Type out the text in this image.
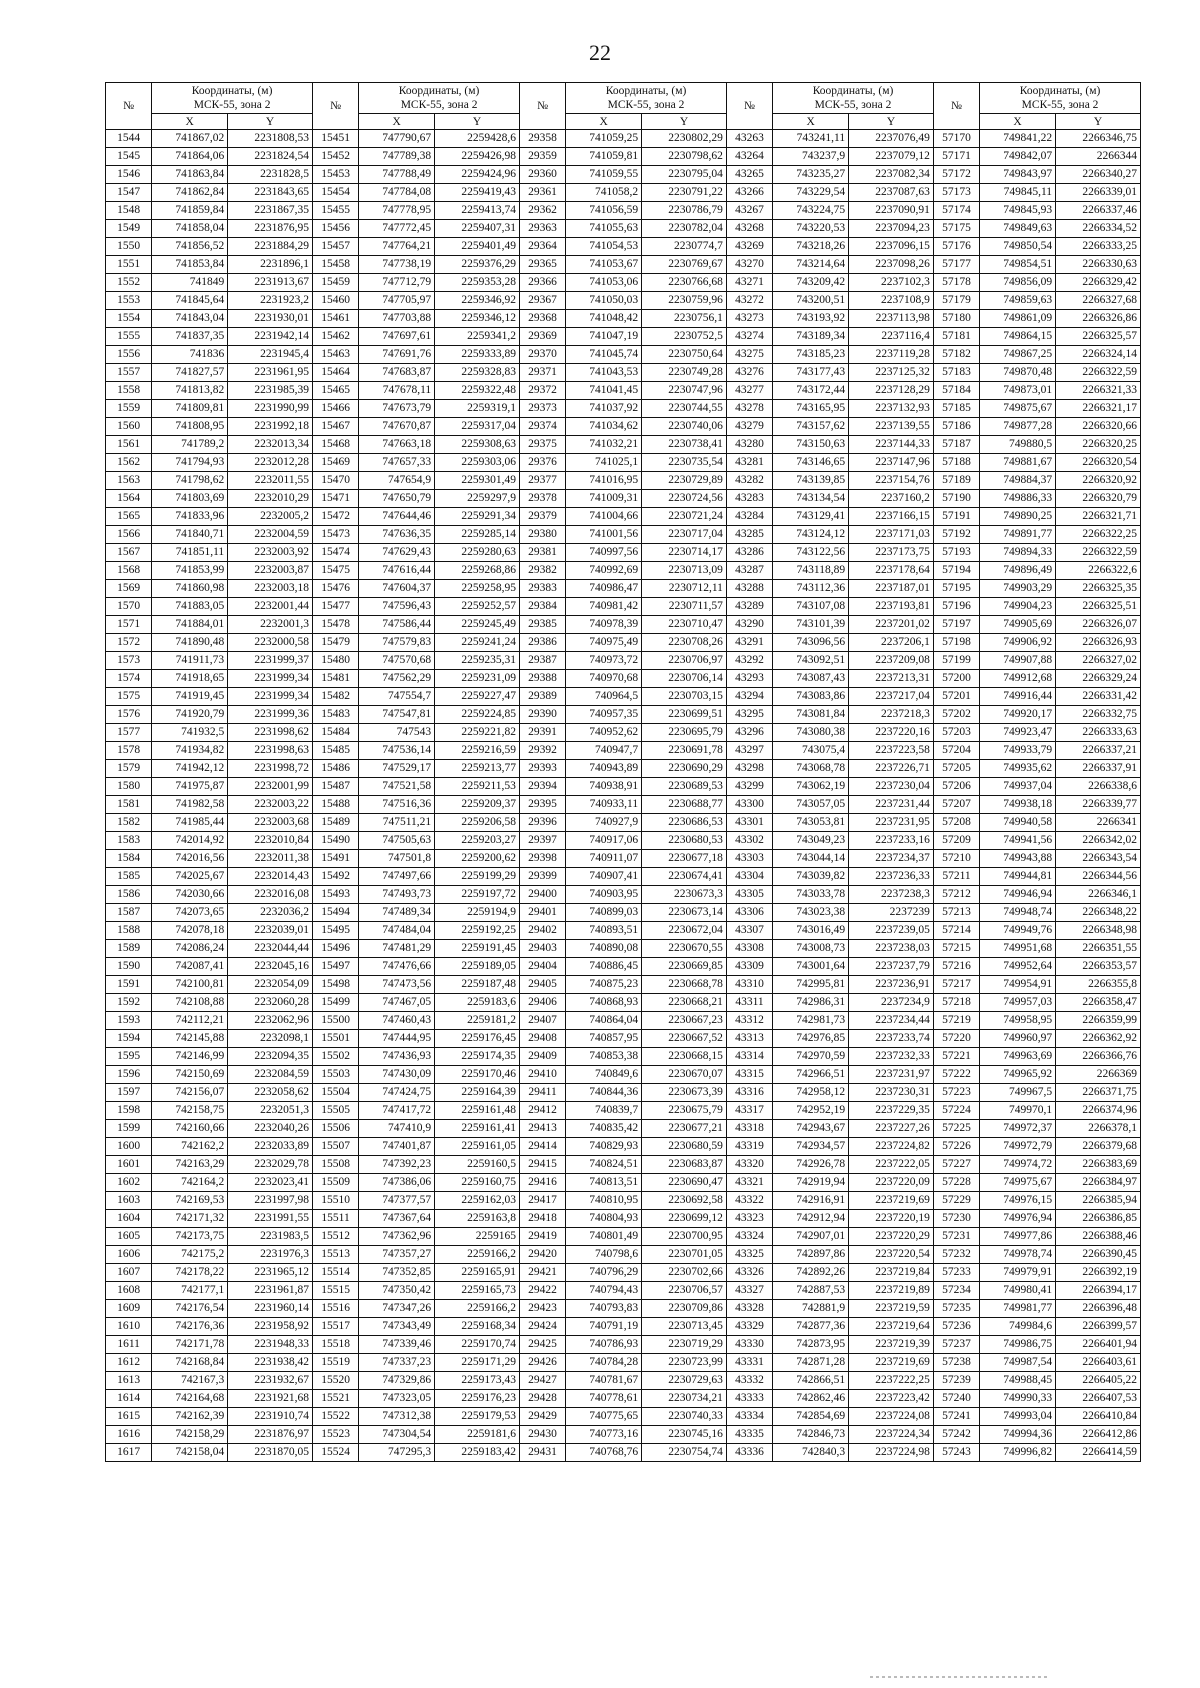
22
№	Координаты, (м)
МСК-55, зона 2		№	Координаты, (м)
МСК-55, зона 2		№	Координаты, (м)
МСК-55, зона 2		№	Координаты, (м)
МСК-55, зона 2		№	Координаты, (м)
МСК-55, зона 2	

	X	Y		X	Y		X	Y		X	Y		X	Y
1544	741867,02	2231808,53	15451	747790,67	2259428,6	29358	741059,25	2230802,29	43263	743241,11	2237076,49	57170	749841,22	2266346,75
1545	741864,06	2231824,54	15452	747789,38	2259426,98	29359	741059,81	2230798,62	43264	743237,9	2237079,12	57171	749842,07	2266344
1546	741863,84	2231828,5	15453	747788,49	2259424,96	29360	741059,55	2230795,04	43265	743235,27	2237082,34	57172	749843,97	2266340,27
1547	741862,84	2231843,65	15454	747784,08	2259419,43	29361	741058,2	2230791,22	43266	743229,54	2237087,63	57173	749845,11	2266339,01
1548	741859,84	2231867,35	15455	747778,95	2259413,74	29362	741056,59	2230786,79	43267	743224,75	2237090,91	57174	749845,93	2266337,46
1549	741858,04	2231876,95	15456	747772,45	2259407,31	29363	741055,63	2230782,04	43268	743220,53	2237094,23	57175	749849,63	2266334,52
1550	741856,52	2231884,29	15457	747764,21	2259401,49	29364	741054,53	2230774,7	43269	743218,26	2237096,15	57176	749850,54	2266333,25
1551	741853,84	2231896,1	15458	747738,19	2259376,29	29365	741053,67	2230769,67	43270	743214,64	2237098,26	57177	749854,51	2266330,63
1552	741849	2231913,67	15459	747712,79	2259353,28	29366	741053,06	2230766,68	43271	743209,42	2237102,3	57178	749856,09	2266329,42
1553	741845,64	2231923,2	15460	747705,97	2259346,92	29367	741050,03	2230759,96	43272	743200,51	2237108,9	57179	749859,63	2266327,68
1554	741843,04	2231930,01	15461	747703,88	2259346,12	29368	741048,42	2230756,1	43273	743193,92	2237113,98	57180	749861,09	2266326,86
1555	741837,35	2231942,14	15462	747697,61	2259341,2	29369	741047,19	2230752,5	43274	743189,34	2237116,4	57181	749864,15	2266325,57
1556	741836	2231945,4	15463	747691,76	2259333,89	29370	741045,74	2230750,64	43275	743185,23	2237119,28	57182	749867,25	2266324,14
1557	741827,57	2231961,95	15464	747683,87	2259328,83	29371	741043,53	2230749,28	43276	743177,43	2237125,32	57183	749870,48	2266322,59
1558	741813,82	2231985,39	15465	747678,11	2259322,48	29372	741041,45	2230747,96	43277	743172,44	2237128,29	57184	749873,01	2266321,33
1559	741809,81	2231990,99	15466	747673,79	2259319,1	29373	741037,92	2230744,55	43278	743165,95	2237132,93	57185	749875,67	2266321,17
1560	741808,95	2231992,18	15467	747670,87	2259317,04	29374	741034,62	2230740,06	43279	743157,62	2237139,55	57186	749877,28	2266320,66
1561	741789,2	2232013,34	15468	747663,18	2259308,63	29375	741032,21	2230738,41	43280	743150,63	2237144,33	57187	749880,5	2266320,25
1562	741794,93	2232012,28	15469	747657,33	2259303,06	29376	741025,1	2230735,54	43281	743146,65	2237147,96	57188	749881,67	2266320,54
1563	741798,62	2232011,55	15470	747654,9	2259301,49	29377	741016,95	2230729,89	43282	743139,85	2237154,76	57189	749884,37	2266320,92
1564	741803,69	2232010,29	15471	747650,79	2259297,9	29378	741009,31	2230724,56	43283	743134,54	2237160,2	57190	749886,33	2266320,79
1565	741833,96	2232005,2	15472	747644,46	2259291,34	29379	741004,66	2230721,24	43284	743129,41	2237166,15	57191	749890,25	2266321,71
1566	741840,71	2232004,59	15473	747636,35	2259285,14	29380	741001,56	2230717,04	43285	743124,12	2237171,03	57192	749891,77	2266322,25
1567	741851,11	2232003,92	15474	747629,43	2259280,63	29381	740997,56	2230714,17	43286	743122,56	2237173,75	57193	749894,33	2266322,59
1568	741853,99	2232003,87	15475	747616,44	2259268,86	29382	740992,69	2230713,09	43287	743118,89	2237178,64	57194	749896,49	2266322,6
1569	741860,98	2232003,18	15476	747604,37	2259258,95	29383	740986,47	2230712,11	43288	743112,36	2237187,01	57195	749903,29	2266325,35
1570	741883,05	2232001,44	15477	747596,43	2259252,57	29384	740981,42	2230711,57	43289	743107,08	2237193,81	57196	749904,23	2266325,51
1571	741884,01	2232001,3	15478	747586,44	2259245,49	29385	740978,39	2230710,47	43290	743101,39	2237201,02	57197	749905,69	2266326,07
1572	741890,48	2232000,58	15479	747579,83	2259241,24	29386	740975,49	2230708,26	43291	743096,56	2237206,1	57198	749906,92	2266326,93
1573	741911,73	2231999,37	15480	747570,68	2259235,31	29387	740973,72	2230706,97	43292	743092,51	2237209,08	57199	749907,88	2266327,02
1574	741918,65	2231999,34	15481	747562,29	2259231,09	29388	740970,68	2230706,14	43293	743087,43	2237213,31	57200	749912,68	2266329,24
1575	741919,45	2231999,34	15482	747554,7	2259227,47	29389	740964,5	2230703,15	43294	743083,86	2237217,04	57201	749916,44	2266331,42
1576	741920,79	2231999,36	15483	747547,81	2259224,85	29390	740957,35	2230699,51	43295	743081,84	2237218,3	57202	749920,17	2266332,75
1577	741932,5	2231998,62	15484	747543	2259221,82	29391	740952,62	2230695,79	43296	743080,38	2237220,16	57203	749923,47	2266333,63
1578	741934,82	2231998,63	15485	747536,14	2259216,59	29392	740947,7	2230691,78	43297	743075,4	2237223,58	57204	749933,79	2266337,21
1579	741942,12	2231998,72	15486	747529,17	2259213,77	29393	740943,89	2230690,29	43298	743068,78	2237226,71	57205	749935,62	2266337,91
1580	741975,87	2232001,99	15487	747521,58	2259211,53	29394	740938,91	2230689,53	43299	743062,19	2237230,04	57206	749937,04	2266338,6
1581	741982,58	2232003,22	15488	747516,36	2259209,37	29395	740933,11	2230688,77	43300	743057,05	2237231,44	57207	749938,18	2266339,77
1582	741985,44	2232003,68	15489	747511,21	2259206,58	29396	740927,9	2230686,53	43301	743053,81	2237231,95	57208	749940,58	2266341
1583	742014,92	2232010,84	15490	747505,63	2259203,27	29397	740917,06	2230680,53	43302	743049,23	2237233,16	57209	749941,56	2266342,02
1584	742016,56	2232011,38	15491	747501,8	2259200,62	29398	740911,07	2230677,18	43303	743044,14	2237234,37	57210	749943,88	2266343,54
1585	742025,67	2232014,43	15492	747497,66	2259199,29	29399	740907,41	2230674,41	43304	743039,82	2237236,33	57211	749944,81	2266344,56
1586	742030,66	2232016,08	15493	747493,73	2259197,72	29400	740903,95	2230673,3	43305	743033,78	2237238,3	57212	749946,94	2266346,1
1587	742073,65	2232036,2	15494	747489,34	2259194,9	29401	740899,03	2230673,14	43306	743023,38	2237239	57213	749948,74	2266348,22
1588	742078,18	2232039,01	15495	747484,04	2259192,25	29402	740893,51	2230672,04	43307	743016,49	2237239,05	57214	749949,76	2266348,98
1589	742086,24	2232044,44	15496	747481,29	2259191,45	29403	740890,08	2230670,55	43308	743008,73	2237238,03	57215	749951,68	2266351,55
1590	742087,41	2232045,16	15497	747476,66	2259189,05	29404	740886,45	2230669,85	43309	743001,64	2237237,79	57216	749952,64	2266353,57
1591	742100,81	2232054,09	15498	747473,56	2259187,48	29405	740875,23	2230668,78	43310	742995,81	2237236,91	57217	749954,91	2266355,8
1592	742108,88	2232060,28	15499	747467,05	2259183,6	29406	740868,93	2230668,21	43311	742986,31	2237234,9	57218	749957,03	2266358,47
1593	742112,21	2232062,96	15500	747460,43	2259181,2	29407	740864,04	2230667,23	43312	742981,73	2237234,44	57219	749958,95	2266359,99
1594	742145,88	2232098,1	15501	747444,95	2259176,45	29408	740857,95	2230667,52	43313	742976,85	2237233,74	57220	749960,97	2266362,92
1595	742146,99	2232094,35	15502	747436,93	2259174,35	29409	740853,38	2230668,15	43314	742970,59	2237232,33	57221	749963,69	2266366,76
1596	742150,69	2232084,59	15503	747430,09	2259170,46	29410	740849,6	2230670,07	43315	742966,51	2237231,97	57222	749965,92	2266369
1597	742156,07	2232058,62	15504	747424,75	2259164,39	29411	740844,36	2230673,39	43316	742958,12	2237230,31	57223	749967,5	2266371,75
1598	742158,75	2232051,3	15505	747417,72	2259161,48	29412	740839,7	2230675,79	43317	742952,19	2237229,35	57224	749970,1	2266374,96
1599	742160,66	2232040,26	15506	747410,9	2259161,41	29413	740835,42	2230677,21	43318	742943,67	2237227,26	57225	749972,37	2266378,1
1600	742162,2	2232033,89	15507	747401,87	2259161,05	29414	740829,93	2230680,59	43319	742934,57	2237224,82	57226	749972,79	2266379,68
1601	742163,29	2232029,78	15508	747392,23	2259160,5	29415	740824,51	2230683,87	43320	742926,78	2237222,05	57227	749974,72	2266383,69
1602	742164,2	2232023,41	15509	747386,06	2259160,75	29416	740813,51	2230690,47	43321	742919,94	2237220,09	57228	749975,67	2266384,97
1603	742169,53	2231997,98	15510	747377,57	2259162,03	29417	740810,95	2230692,58	43322	742916,91	2237219,69	57229	749976,15	2266385,94
1604	742171,32	2231991,55	15511	747367,64	2259163,8	29418	740804,93	2230699,12	43323	742912,94	2237220,19	57230	749976,94	2266386,85
1605	742173,75	2231983,5	15512	747362,96	2259165	29419	740801,49	2230700,95	43324	742907,01	2237220,29	57231	749977,86	2266388,46
1606	742175,2	2231976,3	15513	747357,27	2259166,2	29420	740798,6	2230701,05	43325	742897,86	2237220,54	57232	749978,74	2266390,45
1607	742178,22	2231965,12	15514	747352,85	2259165,91	29421	740796,29	2230702,66	43326	742892,26	2237219,84	57233	749979,91	2266392,19
1608	742177,1	2231961,87	15515	747350,42	2259165,73	29422	740794,43	2230706,57	43327	742887,53	2237219,89	57234	749980,41	2266394,17
1609	742176,54	2231960,14	15516	747347,26	2259166,2	29423	740793,83	2230709,86	43328	742881,9	2237219,59	57235	749981,77	2266396,48
1610	742176,36	2231958,92	15517	747343,49	2259168,34	29424	740791,19	2230713,45	43329	742877,36	2237219,64	57236	749984,6	2266399,57
1611	742171,78	2231948,33	15518	747339,46	2259170,74	29425	740786,93	2230719,29	43330	742873,95	2237219,39	57237	749986,75	2266401,94
1612	742168,84	2231938,42	15519	747337,23	2259171,29	29426	740784,28	2230723,99	43331	742871,28	2237219,69	57238	749987,54	2266403,61
1613	742167,3	2231932,67	15520	747329,86	2259173,43	29427	740781,67	2230729,63	43332	742866,51	2237222,25	57239	749988,45	2266405,22
1614	742164,68	2231921,68	15521	747323,05	2259176,23	29428	740778,61	2230734,21	43333	742862,46	2237223,42	57240	749990,33	2266407,53
1615	742162,39	2231910,74	15522	747312,38	2259179,53	29429	740775,65	2230740,33	43334	742854,69	2237224,08	57241	749993,04	2266410,84
1616	742158,29	2231876,97	15523	747304,54	2259181,6	29430	740773,16	2230745,16	43335	742846,73	2237224,34	57242	749994,36	2266412,86
1617	742158,04	2231870,05	15524	747295,3	2259183,42	29431	740768,76	2230754,74	43336	742840,3	2237224,98	57243	749996,82	2266414,59
